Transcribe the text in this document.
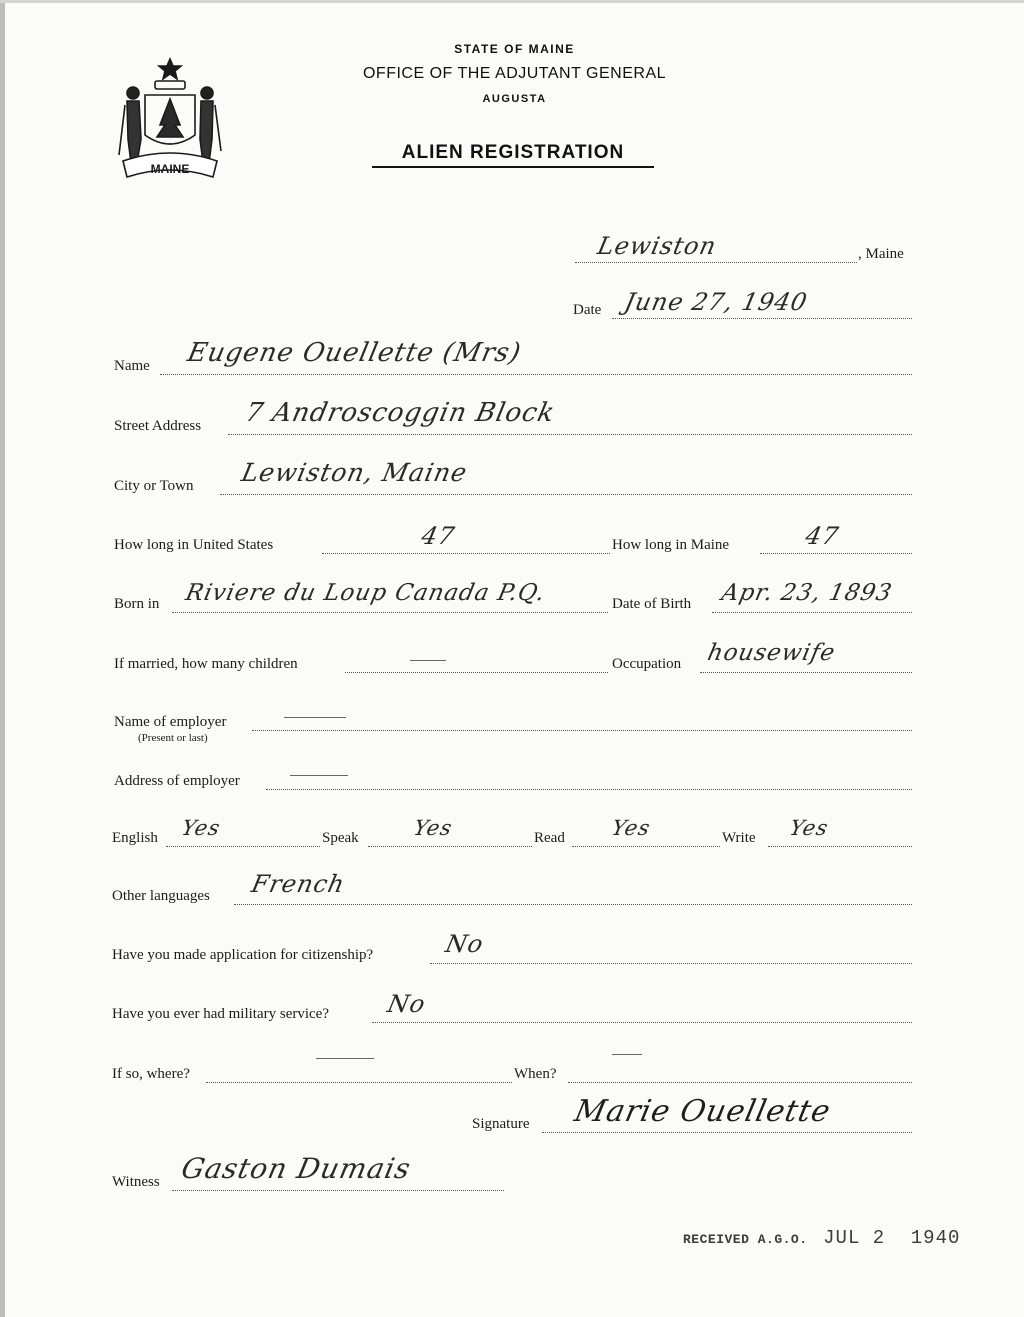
MAINE
STATE OF MAINE
OFFICE OF THE ADJUTANT GENERAL
AUGUSTA
ALIEN REGISTRATION
Lewiston	, Maine
Date June 27, 1940
Name Eugene Ouellette (Mrs)
Street Address 7 Androscoggin Block
City or Town Lewiston, Maine
How long in United States	47	How long in Maine	47
Born in Riviere du Loup Canada P.Q.	Date of Birth Apr. 23, 1893
If married, how many children	Occupation housewife
Name of employer
(Present or last)
Address of employer
English Yes	Speak	Yes	Read Yes	Write Yes
Other languages French
Have you made application for citizenship?	No
Have you ever had military service? No
If so, where?	When?
Signature Marie Ouellette
Witness Gaston Dumais
RECEIVED A.G.O. JUL 2 1940
